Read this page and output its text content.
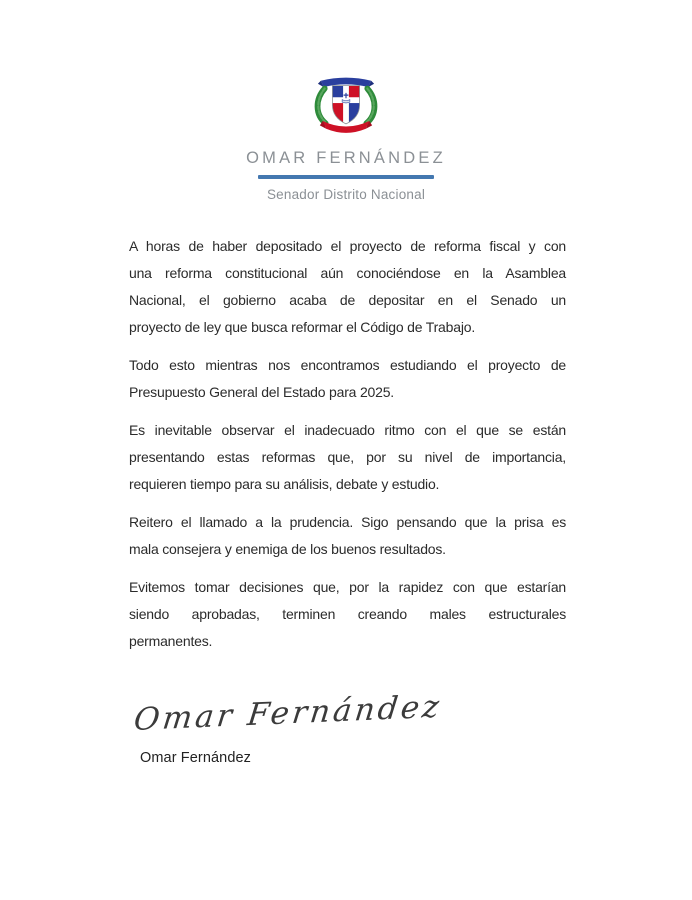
OMAR FERNÁNDEZ
Senador Distrito Nacional
A horas de haber depositado el proyecto de reforma fiscal y con
una reforma constitucional aún conociéndose en la Asamblea
Nacional, el gobierno acaba de depositar en el Senado un
proyecto de ley que busca reformar el Código de Trabajo.
Todo esto mientras nos encontramos estudiando el proyecto de
Presupuesto General del Estado para 2025.
Es inevitable observar el inadecuado ritmo con el que se están
presentando estas reformas que, por su nivel de importancia,
requieren tiempo para su análisis, debate y estudio.
Reitero el llamado a la prudencia. Sigo pensando que la prisa es
mala consejera y enemiga de los buenos resultados.
Evitemos tomar decisiones que, por la rapidez con que estarían
siendo aprobadas, terminen creando males estructurales
permanentes.
Omar Fernández
Omar Fernández
